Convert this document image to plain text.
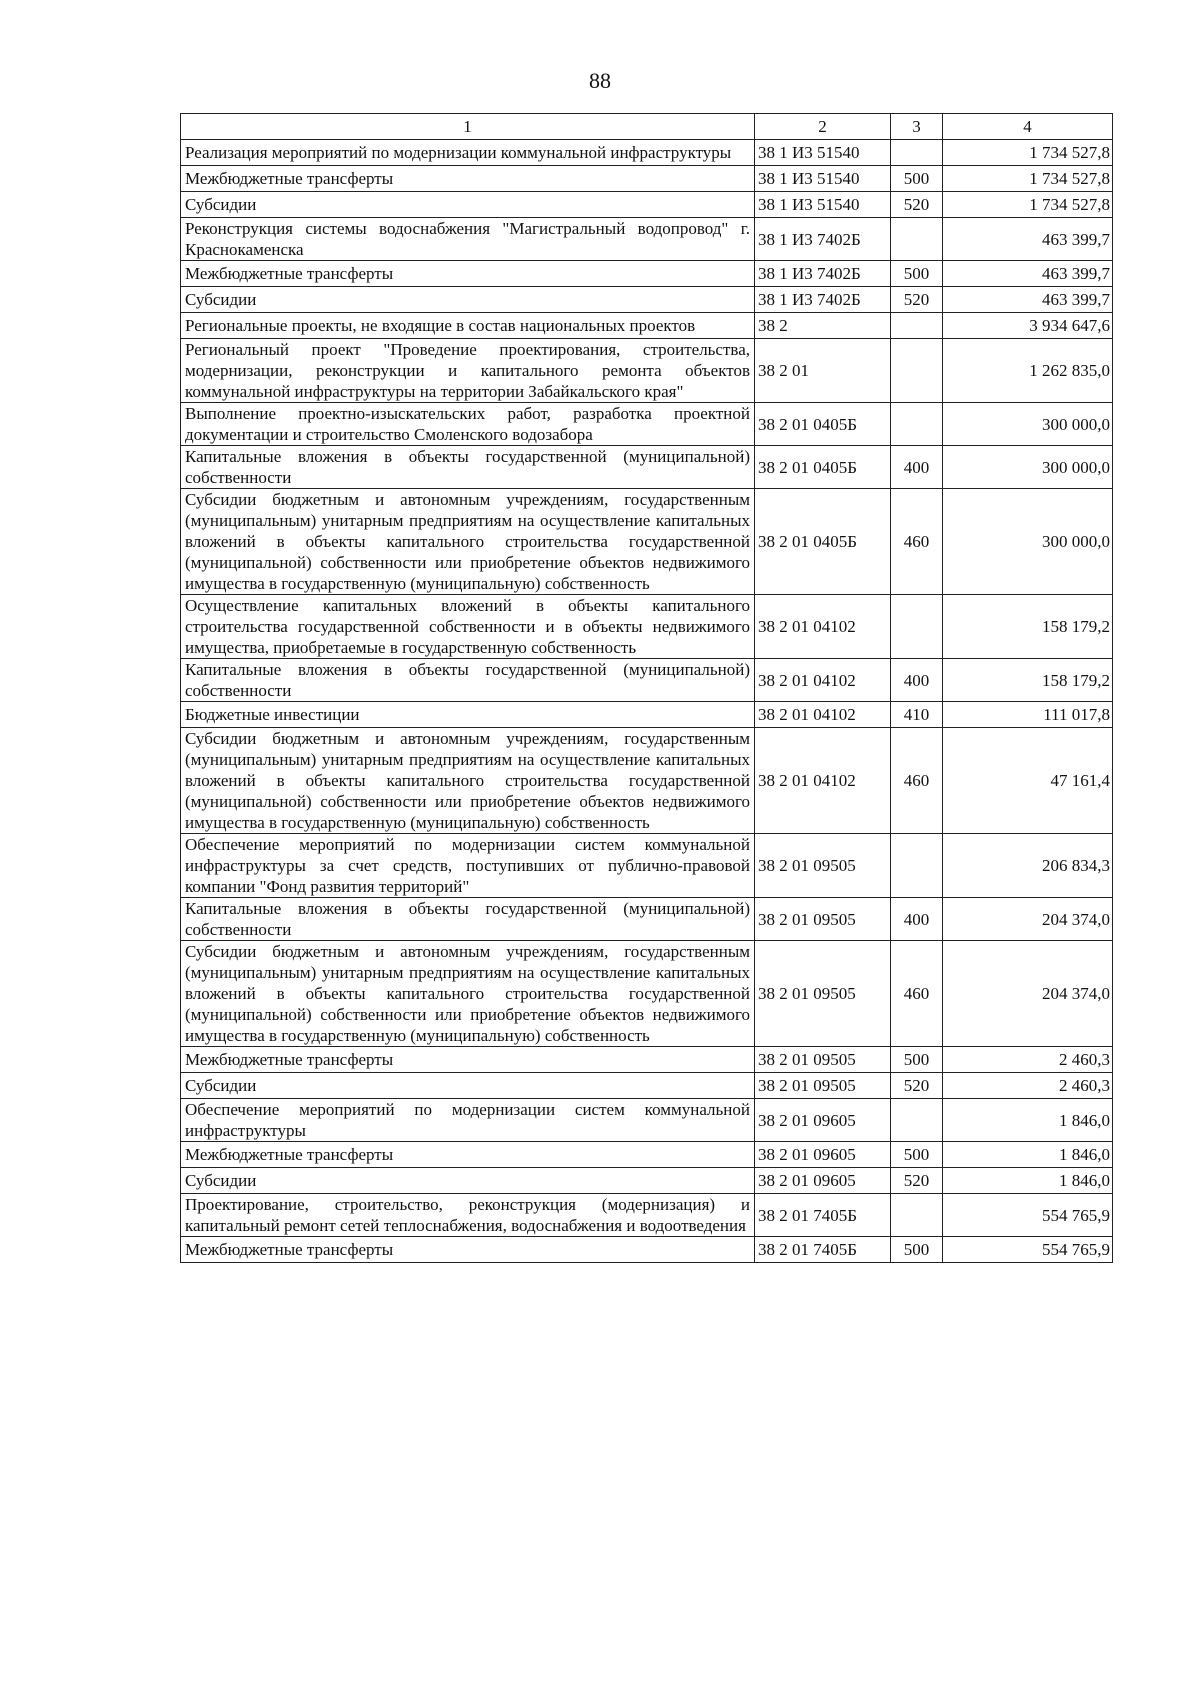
88
1	2	3	4
Реализация мероприятий по модернизации коммунальной инфраструктуры	38 1 И3 51540		1 734 527,8
Межбюджетные трансферты	38 1 И3 51540	500	1 734 527,8
Субсидии	38 1 И3 51540	520	1 734 527,8
Реконструкция системы водоснабжения "Магистральный водопровод" г. Краснокаменска	38 1 И3 7402Б		463 399,7
Межбюджетные трансферты	38 1 И3 7402Б	500	463 399,7
Субсидии	38 1 И3 7402Б	520	463 399,7
Региональные проекты, не входящие в состав национальных проектов	38 2		3 934 647,6
Региональный проект "Проведение проектирования, строительства, модернизации, реконструкции и капитального ремонта объектов коммунальной инфраструктуры на территории Забайкальского края"	38 2 01		1 262 835,0
Выполнение проектно-изыскательских работ, разработка проектной документации и строительство Смоленского водозабора	38 2 01 0405Б		300 000,0
Капитальные вложения в объекты государственной (муниципальной) собственности	38 2 01 0405Б	400	300 000,0
Субсидии бюджетным и автономным учреждениям, государственным (муниципальным) унитарным предприятиям на осуществление капитальных вложений в объекты капитального строительства государственной (муниципальной) собственности или приобретение объектов недвижимого имущества в государственную (муниципальную) собственность	38 2 01 0405Б	460	300 000,0
Осуществление капитальных вложений в объекты капитального строительства государственной собственности и в объекты недвижимого имущества, приобретаемые в государственную собственность	38 2 01 04102		158 179,2
Капитальные вложения в объекты государственной (муниципальной) собственности	38 2 01 04102	400	158 179,2
Бюджетные инвестиции	38 2 01 04102	410	111 017,8
Субсидии бюджетным и автономным учреждениям, государственным (муниципальным) унитарным предприятиям на осуществление капитальных вложений в объекты капитального строительства государственной (муниципальной) собственности или приобретение объектов недвижимого имущества в государственную (муниципальную) собственность	38 2 01 04102	460	47 161,4
Обеспечение мероприятий по модернизации систем коммунальной инфраструктуры за счет средств, поступивших от публично-правовой компании "Фонд развития территорий"	38 2 01 09505		206 834,3
Капитальные вложения в объекты государственной (муниципальной) собственности	38 2 01 09505	400	204 374,0
Субсидии бюджетным и автономным учреждениям, государственным (муниципальным) унитарным предприятиям на осуществление капитальных вложений в объекты капитального строительства государственной (муниципальной) собственности или приобретение объектов недвижимого имущества в государственную (муниципальную) собственность	38 2 01 09505	460	204 374,0
Межбюджетные трансферты	38 2 01 09505	500	2 460,3
Субсидии	38 2 01 09505	520	2 460,3
Обеспечение мероприятий по модернизации систем коммунальной инфраструктуры	38 2 01 09605		1 846,0
Межбюджетные трансферты	38 2 01 09605	500	1 846,0
Субсидии	38 2 01 09605	520	1 846,0
Проектирование, строительство, реконструкция (модернизация) и капитальный ремонт сетей теплоснабжения, водоснабжения и водоотведения	38 2 01 7405Б		554 765,9
Межбюджетные трансферты	38 2 01 7405Б	500	554 765,9
